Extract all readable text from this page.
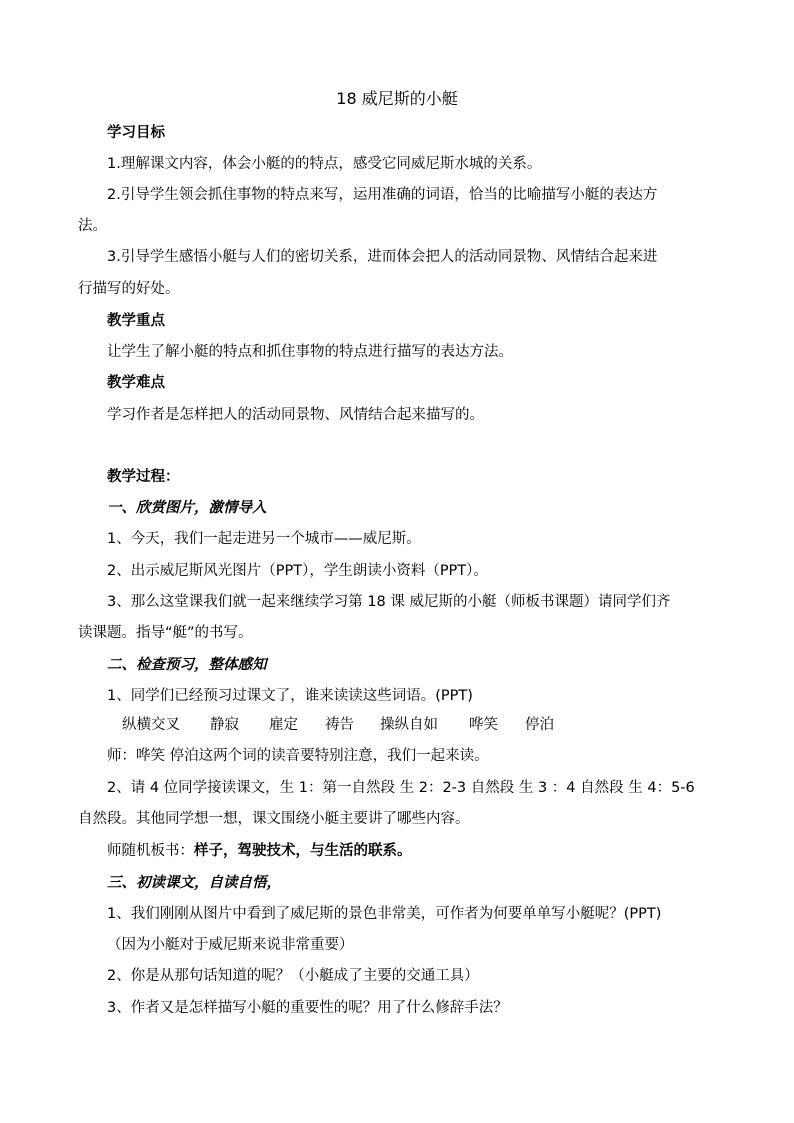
18 威尼斯的小艇
学习目标
1.理解课文内容，体会小艇的的特点，感受它同威尼斯水城的关系。
2.引导学生领会抓住事物的特点来写，运用准确的词语，恰当的比喻描写小艇的表达方
法。
3.引导学生感悟小艇与人们的密切关系，进而体会把人的活动同景物、风情结合起来进
行描写的好处。
教学重点
让学生了解小艇的特点和抓住事物的特点进行描写的表达方法。
教学难点
学习作者是怎样把人的活动同景物、风情结合起来描写的。
教学过程：
一、欣赏图片，激情导入
1、今天，我们一起走进另一个城市——威尼斯。
2、出示威尼斯风光图片（PPT），学生朗读小资料（PPT）。
3、那么这堂课我们就一起来继续学习第 18 课 威尼斯的小艇（师板书课题）请同学们齐
读课题。指导“艇”的书写。
二、检查预习，整体感知
1、同学们已经预习过课文了，谁来读读这些词语。(PPT)
纵横交叉 静寂 雇定 祷告 操纵自如 哗笑 停泊
师：哗笑 停泊这两个词的读音要特别注意，我们一起来读。
2、请 4 位同学接读课文，生 1：第一自然段 生 2：2-3 自然段 生 3 ：4 自然段 生 4：5-6
自然段。其他同学想一想，课文围绕小艇主要讲了哪些内容。
师随机板书：样子，驾驶技术，与生活的联系。
三、初读课文，自读自悟，
1、我们刚刚从图片中看到了威尼斯的景色非常美，可作者为何要单单写小艇呢？(PPT)
（因为小艇对于威尼斯来说非常重要）
2、你是从那句话知道的呢？（小艇成了主要的交通工具）
3、作者又是怎样描写小艇的重要性的呢？用了什么修辞手法？
